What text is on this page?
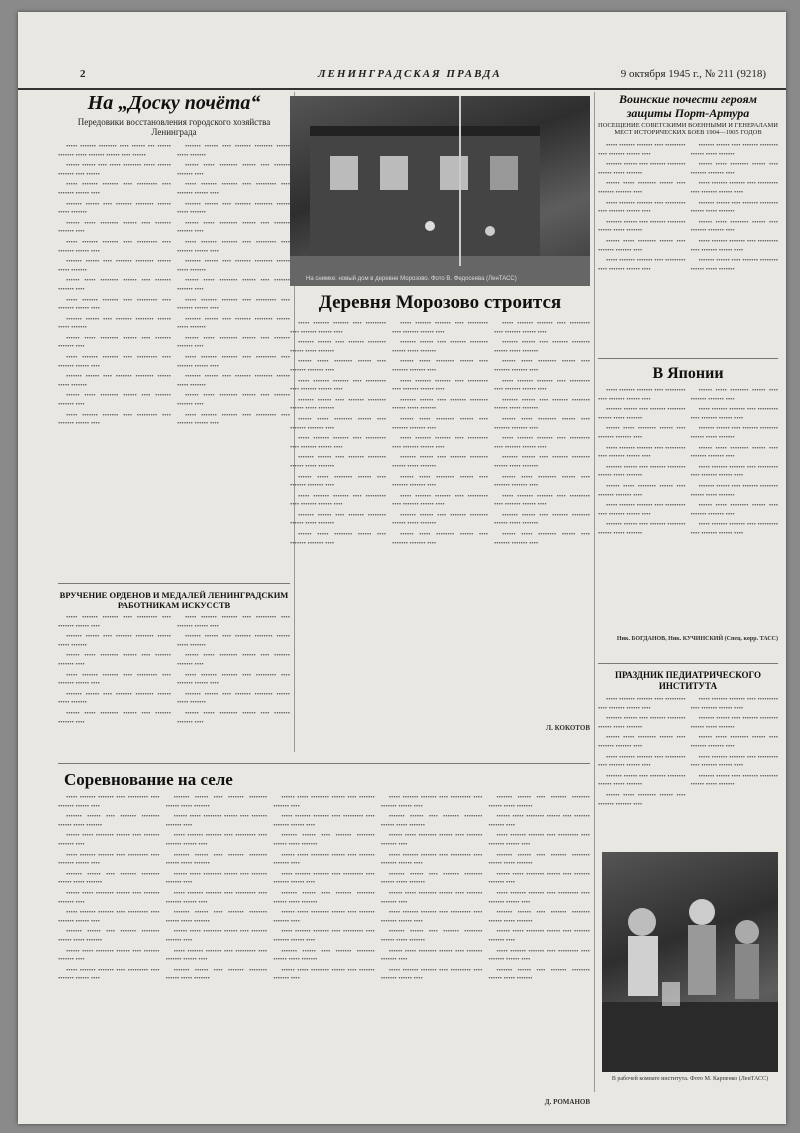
2	ЛЕНИНГРАДСКАЯ ПРАВДА	9 октября 1945 г., № 211 (9218)
На „Доску почёта“
Передовики восстановления городского хозяйства Ленинграда

••••• ••••••• •••••••• •••• •••••• ••• •••••• ••••••• ••••• ••••••• •••••• •••• ••••••

•••••• •••••• •••• ••••• •••••••• ••••• •••••• ••••••• •••• ••••••

••••• ••••••• ••••••• •••• ••••••••• •••• ••••••• •••••• ••••

••••••• •••••• •••• ••••••• •••••••• •••••• ••••• •••••••

•••••• ••••• •••••••• •••••• •••• ••••••• ••••••• ••••

••••• ••••••• ••••••• •••• ••••••••• •••• ••••••• •••••• ••••

••••••• •••••• •••• ••••••• •••••••• •••••• ••••• •••••••

•••••• ••••• •••••••• •••••• •••• ••••••• ••••••• ••••

••••• ••••••• ••••••• •••• ••••••••• •••• ••••••• •••••• ••••

••••••• •••••• •••• ••••••• •••••••• •••••• ••••• •••••••

•••••• ••••• •••••••• •••••• •••• ••••••• ••••••• ••••

••••• ••••••• ••••••• •••• ••••••••• •••• ••••••• •••••• ••••

••••••• •••••• •••• ••••••• •••••••• •••••• ••••• •••••••

•••••• ••••• •••••••• •••••• •••• ••••••• ••••••• ••••

••••• ••••••• ••••••• •••• ••••••••• •••• ••••••• •••••• ••••

••••••• •••••• •••• ••••••• •••••••• •••••• ••••• •••••••

•••••• ••••• •••••••• •••••• •••• ••••••• ••••••• ••••

••••• ••••••• ••••••• •••• ••••••••• •••• ••••••• •••••• ••••

••••••• •••••• •••• ••••••• •••••••• •••••• ••••• •••••••

•••••• ••••• •••••••• •••••• •••• ••••••• ••••••• ••••

••••• ••••••• ••••••• •••• ••••••••• •••• ••••••• •••••• ••••

••••••• •••••• •••• ••••••• •••••••• •••••• ••••• •••••••

•••••• ••••• •••••••• •••••• •••• ••••••• ••••••• ••••

••••• ••••••• ••••••• •••• ••••••••• •••• ••••••• •••••• ••••

••••••• •••••• •••• ••••••• •••••••• •••••• ••••• •••••••

•••••• ••••• •••••••• •••••• •••• ••••••• ••••••• ••••

••••• ••••••• ••••••• •••• ••••••••• •••• ••••••• •••••• ••••

••••••• •••••• •••• ••••••• •••••••• •••••• ••••• •••••••

•••••• ••••• •••••••• •••••• •••• ••••••• ••••••• ••••

••••• ••••••• ••••••• •••• ••••••••• •••• ••••••• •••••• ••••

ВРУЧЕНИЕ ОРДЕНОВ И МЕДАЛЕЙ ЛЕНИНГРАДСКИМ РАБОТНИКАМ ИСКУССТВ

••••• ••••••• ••••••• •••• ••••••••• •••• ••••••• •••••• ••••

••••••• •••••• •••• ••••••• •••••••• •••••• ••••• •••••••

•••••• ••••• •••••••• •••••• •••• ••••••• ••••••• ••••

••••• ••••••• ••••••• •••• ••••••••• •••• ••••••• •••••• ••••

••••••• •••••• •••• ••••••• •••••••• •••••• ••••• •••••••

•••••• ••••• •••••••• •••••• •••• ••••••• ••••••• ••••

••••• ••••••• ••••••• •••• ••••••••• •••• ••••••• •••••• ••••

••••••• •••••• •••• ••••••• •••••••• •••••• ••••• •••••••

•••••• ••••• •••••••• •••••• •••• ••••••• ••••••• ••••

••••• ••••••• ••••••• •••• ••••••••• •••• ••••••• •••••• ••••

••••••• •••••• •••• ••••••• •••••••• •••••• ••••• •••••••

•••••• ••••• •••••••• •••••• •••• ••••••• ••••••• ••••

На снимке: новый дом в деревне Морозово. Фото В. Федосеева (ЛенТАСС)
Деревня Морозово строится

••••• ••••••• ••••••• •••• ••••••••• •••• ••••••• •••••• ••••

••••••• •••••• •••• ••••••• •••••••• •••••• ••••• •••••••

•••••• ••••• •••••••• •••••• •••• ••••••• ••••••• ••••

••••• ••••••• ••••••• •••• ••••••••• •••• ••••••• •••••• ••••

••••••• •••••• •••• ••••••• •••••••• •••••• ••••• •••••••

•••••• ••••• •••••••• •••••• •••• ••••••• ••••••• ••••

••••• ••••••• ••••••• •••• ••••••••• •••• ••••••• •••••• ••••

••••••• •••••• •••• ••••••• •••••••• •••••• ••••• •••••••

•••••• ••••• •••••••• •••••• •••• ••••••• ••••••• ••••

••••• ••••••• ••••••• •••• ••••••••• •••• ••••••• •••••• ••••

••••••• •••••• •••• ••••••• •••••••• •••••• ••••• •••••••

•••••• ••••• •••••••• •••••• •••• ••••••• ••••••• ••••

••••• ••••••• ••••••• •••• ••••••••• •••• ••••••• •••••• ••••

••••••• •••••• •••• ••••••• •••••••• •••••• ••••• •••••••

•••••• ••••• •••••••• •••••• •••• ••••••• ••••••• ••••

••••• ••••••• ••••••• •••• ••••••••• •••• ••••••• •••••• ••••

••••••• •••••• •••• ••••••• •••••••• •••••• ••••• •••••••

•••••• ••••• •••••••• •••••• •••• ••••••• ••••••• ••••

••••• ••••••• ••••••• •••• ••••••••• •••• ••••••• •••••• ••••

••••••• •••••• •••• ••••••• •••••••• •••••• ••••• •••••••

•••••• ••••• •••••••• •••••• •••• ••••••• ••••••• ••••

••••• ••••••• ••••••• •••• ••••••••• •••• ••••••• •••••• ••••

••••••• •••••• •••• ••••••• •••••••• •••••• ••••• •••••••

•••••• ••••• •••••••• •••••• •••• ••••••• ••••••• ••••

••••• ••••••• ••••••• •••• ••••••••• •••• ••••••• •••••• ••••

••••••• •••••• •••• ••••••• •••••••• •••••• ••••• •••••••

•••••• ••••• •••••••• •••••• •••• ••••••• ••••••• ••••

••••• ••••••• ••••••• •••• ••••••••• •••• ••••••• •••••• ••••

••••••• •••••• •••• ••••••• •••••••• •••••• ••••• •••••••

•••••• ••••• •••••••• •••••• •••• ••••••• ••••••• ••••

••••• ••••••• ••••••• •••• ••••••••• •••• ••••••• •••••• ••••

••••••• •••••• •••• ••••••• •••••••• •••••• ••••• •••••••

•••••• ••••• •••••••• •••••• •••• ••••••• ••••••• ••••

••••• ••••••• ••••••• •••• ••••••••• •••• ••••••• •••••• ••••

••••••• •••••• •••• ••••••• •••••••• •••••• ••••• •••••••

•••••• ••••• •••••••• •••••• •••• ••••••• ••••••• ••••

Л. КОКОТОВ
Воинские почести героям защиты Порт-Артура
ПОСЕЩЕНИЕ СОВЕТСКИМИ ВОЕННЫМИ И ГЕНЕРАЛАМИ МЕСТ ИСТОРИЧЕСКИХ БОЕВ 1904—1905 ГОДОВ

••••• ••••••• ••••••• •••• ••••••••• •••• ••••••• •••••• ••••

••••••• •••••• •••• ••••••• •••••••• •••••• ••••• •••••••

•••••• ••••• •••••••• •••••• •••• ••••••• ••••••• ••••

••••• ••••••• ••••••• •••• ••••••••• •••• ••••••• •••••• ••••

••••••• •••••• •••• ••••••• •••••••• •••••• ••••• •••••••

•••••• ••••• •••••••• •••••• •••• ••••••• ••••••• ••••

••••• ••••••• ••••••• •••• ••••••••• •••• ••••••• •••••• ••••

••••••• •••••• •••• ••••••• •••••••• •••••• ••••• •••••••

•••••• ••••• •••••••• •••••• •••• ••••••• ••••••• ••••

••••• ••••••• ••••••• •••• ••••••••• •••• ••••••• •••••• ••••

••••••• •••••• •••• ••••••• •••••••• •••••• ••••• •••••••

•••••• ••••• •••••••• •••••• •••• ••••••• ••••••• ••••

••••• ••••••• ••••••• •••• ••••••••• •••• ••••••• •••••• ••••

••••••• •••••• •••• ••••••• •••••••• •••••• ••••• •••••••

В Японии

••••• ••••••• ••••••• •••• ••••••••• •••• ••••••• •••••• ••••

••••••• •••••• •••• ••••••• •••••••• •••••• ••••• •••••••

•••••• ••••• •••••••• •••••• •••• ••••••• ••••••• ••••

••••• ••••••• ••••••• •••• ••••••••• •••• ••••••• •••••• ••••

••••••• •••••• •••• ••••••• •••••••• •••••• ••••• •••••••

•••••• ••••• •••••••• •••••• •••• ••••••• ••••••• ••••

••••• ••••••• ••••••• •••• ••••••••• •••• ••••••• •••••• ••••

••••••• •••••• •••• ••••••• •••••••• •••••• ••••• •••••••

•••••• ••••• •••••••• •••••• •••• ••••••• ••••••• ••••

••••• ••••••• ••••••• •••• ••••••••• •••• ••••••• •••••• ••••

••••••• •••••• •••• ••••••• •••••••• •••••• ••••• •••••••

•••••• ••••• •••••••• •••••• •••• ••••••• ••••••• ••••

••••• ••••••• ••••••• •••• ••••••••• •••• ••••••• •••••• ••••

••••••• •••••• •••• ••••••• •••••••• •••••• ••••• •••••••

•••••• ••••• •••••••• •••••• •••• ••••••• ••••••• ••••

••••• ••••••• ••••••• •••• ••••••••• •••• ••••••• •••••• ••••

Ник. БОГДАНОВ, Ник. КУЧИНСКИЙ (Спец. корр. ТАСС)
ПРАЗДНИК ПЕДИАТРИЧЕСКОГО ИНСТИТУТА

••••• ••••••• ••••••• •••• ••••••••• •••• ••••••• •••••• ••••

••••••• •••••• •••• ••••••• •••••••• •••••• ••••• •••••••

•••••• ••••• •••••••• •••••• •••• ••••••• ••••••• ••••

••••• ••••••• ••••••• •••• ••••••••• •••• ••••••• •••••• ••••

••••••• •••••• •••• ••••••• •••••••• •••••• ••••• •••••••

•••••• ••••• •••••••• •••••• •••• ••••••• ••••••• ••••

••••• ••••••• ••••••• •••• ••••••••• •••• ••••••• •••••• ••••

••••••• •••••• •••• ••••••• •••••••• •••••• ••••• •••••••

•••••• ••••• •••••••• •••••• •••• ••••••• ••••••• ••••

••••• ••••••• ••••••• •••• ••••••••• •••• ••••••• •••••• ••••

••••••• •••••• •••• ••••••• •••••••• •••••• ••••• •••••••

В рабочей комнате института. Фото М. Карпенко (ЛенТАСС)
Соревнование на селе

••••• ••••••• ••••••• •••• ••••••••• •••• ••••••• •••••• ••••

••••••• •••••• •••• ••••••• •••••••• •••••• ••••• •••••••

•••••• ••••• •••••••• •••••• •••• ••••••• ••••••• ••••

••••• ••••••• ••••••• •••• ••••••••• •••• ••••••• •••••• ••••

••••••• •••••• •••• ••••••• •••••••• •••••• ••••• •••••••

•••••• ••••• •••••••• •••••• •••• ••••••• ••••••• ••••

••••• ••••••• ••••••• •••• ••••••••• •••• ••••••• •••••• ••••

••••••• •••••• •••• ••••••• •••••••• •••••• ••••• •••••••

•••••• ••••• •••••••• •••••• •••• ••••••• ••••••• ••••

••••• ••••••• ••••••• •••• ••••••••• •••• ••••••• •••••• ••••

••••••• •••••• •••• ••••••• •••••••• •••••• ••••• •••••••

•••••• ••••• •••••••• •••••• •••• ••••••• ••••••• ••••

••••• ••••••• ••••••• •••• ••••••••• •••• ••••••• •••••• ••••

••••••• •••••• •••• ••••••• •••••••• •••••• ••••• •••••••

•••••• ••••• •••••••• •••••• •••• ••••••• ••••••• ••••

••••• ••••••• ••••••• •••• ••••••••• •••• ••••••• •••••• ••••

••••••• •••••• •••• ••••••• •••••••• •••••• ••••• •••••••

•••••• ••••• •••••••• •••••• •••• ••••••• ••••••• ••••

••••• ••••••• ••••••• •••• ••••••••• •••• ••••••• •••••• ••••

••••••• •••••• •••• ••••••• •••••••• •••••• ••••• •••••••

•••••• ••••• •••••••• •••••• •••• ••••••• ••••••• ••••

••••• ••••••• ••••••• •••• ••••••••• •••• ••••••• •••••• ••••

••••••• •••••• •••• ••••••• •••••••• •••••• ••••• •••••••

•••••• ••••• •••••••• •••••• •••• ••••••• ••••••• ••••

••••• ••••••• ••••••• •••• ••••••••• •••• ••••••• •••••• ••••

••••••• •••••• •••• ••••••• •••••••• •••••• ••••• •••••••

•••••• ••••• •••••••• •••••• •••• ••••••• ••••••• ••••

••••• ••••••• ••••••• •••• ••••••••• •••• ••••••• •••••• ••••

••••••• •••••• •••• ••••••• •••••••• •••••• ••••• •••••••

•••••• ••••• •••••••• •••••• •••• ••••••• ••••••• ••••

••••• ••••••• ••••••• •••• ••••••••• •••• ••••••• •••••• ••••

••••••• •••••• •••• ••••••• •••••••• •••••• ••••• •••••••

•••••• ••••• •••••••• •••••• •••• ••••••• ••••••• ••••

••••• ••••••• ••••••• •••• ••••••••• •••• ••••••• •••••• ••••

••••••• •••••• •••• ••••••• •••••••• •••••• ••••• •••••••

•••••• ••••• •••••••• •••••• •••• ••••••• ••••••• ••••

••••• ••••••• ••••••• •••• ••••••••• •••• ••••••• •••••• ••••

••••••• •••••• •••• ••••••• •••••••• •••••• ••••• •••••••

•••••• ••••• •••••••• •••••• •••• ••••••• ••••••• ••••

••••• ••••••• ••••••• •••• ••••••••• •••• ••••••• •••••• ••••

••••••• •••••• •••• ••••••• •••••••• •••••• ••••• •••••••

•••••• ••••• •••••••• •••••• •••• ••••••• ••••••• ••••

••••• ••••••• ••••••• •••• ••••••••• •••• ••••••• •••••• ••••

••••••• •••••• •••• ••••••• •••••••• •••••• ••••• •••••••

•••••• ••••• •••••••• •••••• •••• ••••••• ••••••• ••••

••••• ••••••• ••••••• •••• ••••••••• •••• ••••••• •••••• ••••

••••••• •••••• •••• ••••••• •••••••• •••••• ••••• •••••••

•••••• ••••• •••••••• •••••• •••• ••••••• ••••••• ••••

••••• ••••••• ••••••• •••• ••••••••• •••• ••••••• •••••• ••••

••••••• •••••• •••• ••••••• •••••••• •••••• ••••• •••••••

Д. РОМАНОВ
